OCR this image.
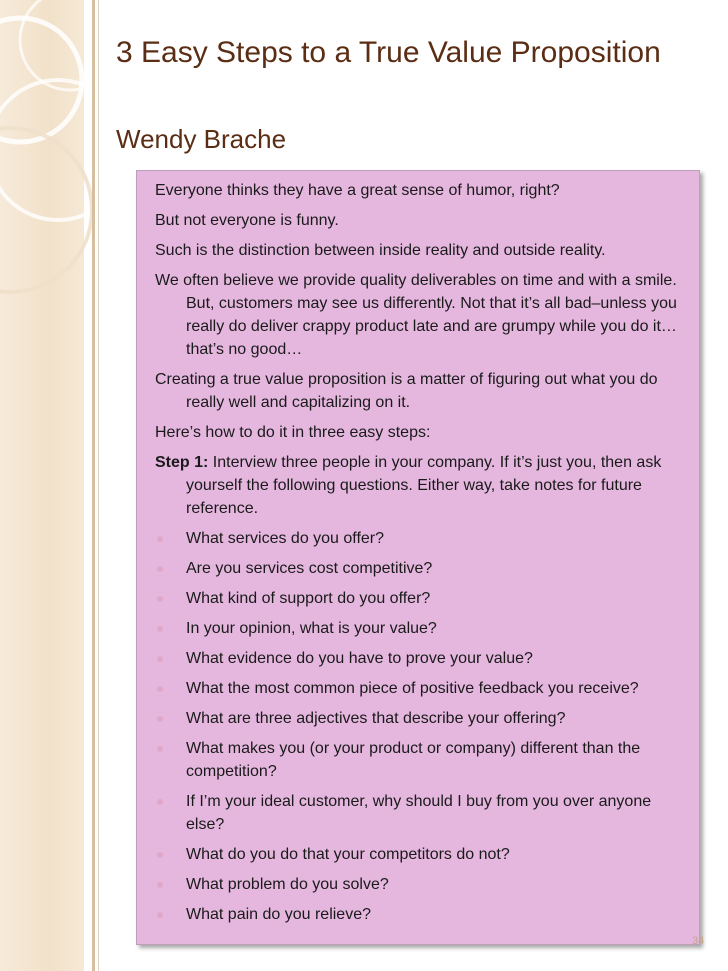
3 Easy Steps to a True Value Proposition
Wendy Brache
Everyone thinks they have a great sense of humor, right?
But not everyone is funny.
Such is the distinction between inside reality and outside reality.
We often believe we provide quality deliverables on time and with a smile. But, customers may see us differently. Not that it’s all bad–unless you really do deliver crappy product late and are grumpy while you do it…that’s no good…
Creating a true value proposition is a matter of figuring out what you do really well and capitalizing on it.
Here’s how to do it in three easy steps:
Step 1: Interview three people in your company. If it’s just you, then ask yourself the following questions. Either way, take notes for future reference.
What services do you offer?
Are you services cost competitive?
What kind of support do you offer?
In your opinion, what is your value?
What evidence do you have to prove your value?
What the most common piece of positive feedback you receive?
What are three adjectives that describe your offering?
What makes you (or your product or company) different than the competition?
If I’m your ideal customer, why should I buy from you over anyone else?
What do you do that your competitors do not?
What problem do you solve?
What pain do you relieve?
34
